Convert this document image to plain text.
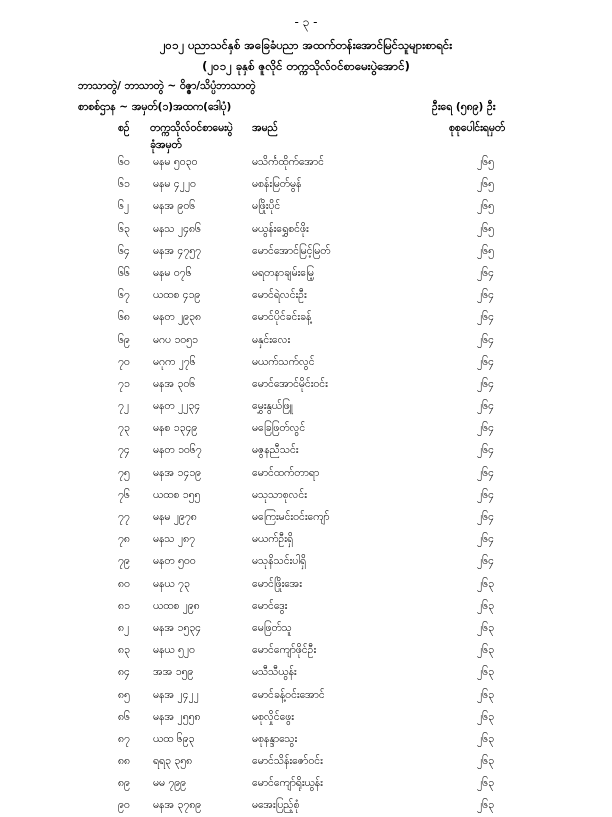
- ၃ -
၂၀၁၂ ပညာသင်နှစ် အခြေခံပညာ အထက်တန်းအောင်မြင်သူများစာရင်း
(၂၀၁၂ ခုနှစ် ဇူလိုင် တက္ကသိုလ်ဝင်စာမေးပွဲအောင်)
ဘာသာတွဲ/ ဘာသာတွဲ ~ ဝိဇ္ဇာ/သိပ္ပံဘာသာတွဲ
စာစစ်ဌာန ~ အမှတ်(၁)အထက(ဒေါပုံ)	ဦးရေ (၅၈၉) ဦး
စဉ် တက္ကသိုလ်ဝင်စာမေးပွဲ
ခုံအမှတ်
အမည်	စုစုပေါင်းရမှတ်
၆၀ မနမ ၅၀၃၀	မသိင်္ကထိုက်အောင်	၂၆၅
၆၁ မနမ ၄၂၂၀	မစန်းမြတ်မွန်	၂၆၅
၆၂ မနအ ၉၀၆	မဖြိုးပိုင်	၂၆၅
၆၃ မနသ ၂၄၈၆	မယွန်းရွှေစင်ဖိုး	၂၆၅
၆၄ မနအ ၄၇၅၇	မောင်အောင်မြင့်မြတ်	၂၆၅
၆၆ မနမ ၀၇၆	မရတနာချမ်းမြေ့	၂၆၄
၆၇ ယထစ ၄၁၉	မောင်ရဲလင်းဦး	၂၆၄
၆၈ မနတ ၂၉၃၈	မောင်ပိုင်ခင်းခန့်	၂၆၄
၆၉ မဂပ ၁၀၅၁	မနှင်းလေး	၂၆၄
၇၀ မဂုက ၂၇၆	မယက်သက်လွင်	၂၆၄
၇၁ မနအ ၃၀၆	မောင်အောင်မိုင်းဝင်း	၂၆၄
၇၂ မနတ ၂၂၃၄	မွှေးနွယ်ဖြူ	၂၆၄
၇၃ မနစ ၁၃၄၉	မခြေဖြတ်လွင်	၂၆၄
၇၄ မနတ ၁၀၆၇	မဇွနညီသင်း	၂၆၄
၇၅ မနအ ၁၄၁၉	မောင်ထက်တာရာ	၂၆၄
၇၆ ယထစ ၁၅၅	မသုသာစုလင်း	၂၆၄
၇၇ မနမ ၂၉၇၈	မကြေးမင်းဝင်းကျော်	၂၆၄
၇၈ မနသ ၂၈၇	မယက်ဦးရှိ	၂၆၄
၇၉ မနတ ၅၀၀	မသုနိသင်းပါရှိ	၂၆၄
၈၀ မနယ ၇၃	မောင်ဖြိုးအေး	၂၆၃
၈၁ ယထစ ၂၉၈	မောင်ဒွေး	၂၆၃
၈၂ မနအ ၁၅၃၄	မေဖြတ်သူ	၂၆၃
၈၃ မနယ ၅၂၀	မောင်ကျော်ဖိုင်ဦး	၂၆၃
၈၄ အအ ၁၅၉	မသီသီယွန်း	၂၆၃
၈၅ မနအ ၂၄၂၂	မောင်ခန့်ဝင်းအောင်	၂၆၃
၈၆ မနအ ၂၅၅၈	မစုလှိုင်ဖွေး	၂၆၃
၈၇ ယထ ၆၉၃	မစုနန္ဒာသွေး	၂၆၃
၈၈ ရရ၃ ၃၅၈	မောင်သိန်းဇော်ဝင်း	၂၆၃
၈၉ မမ ၇၉၉	မောင်ကျော်ရိုးယွန်း	၂၆၃
၉၀ မနအ ၃၇၈၉	မအေးပြည့်စုံ	၂၆၃
